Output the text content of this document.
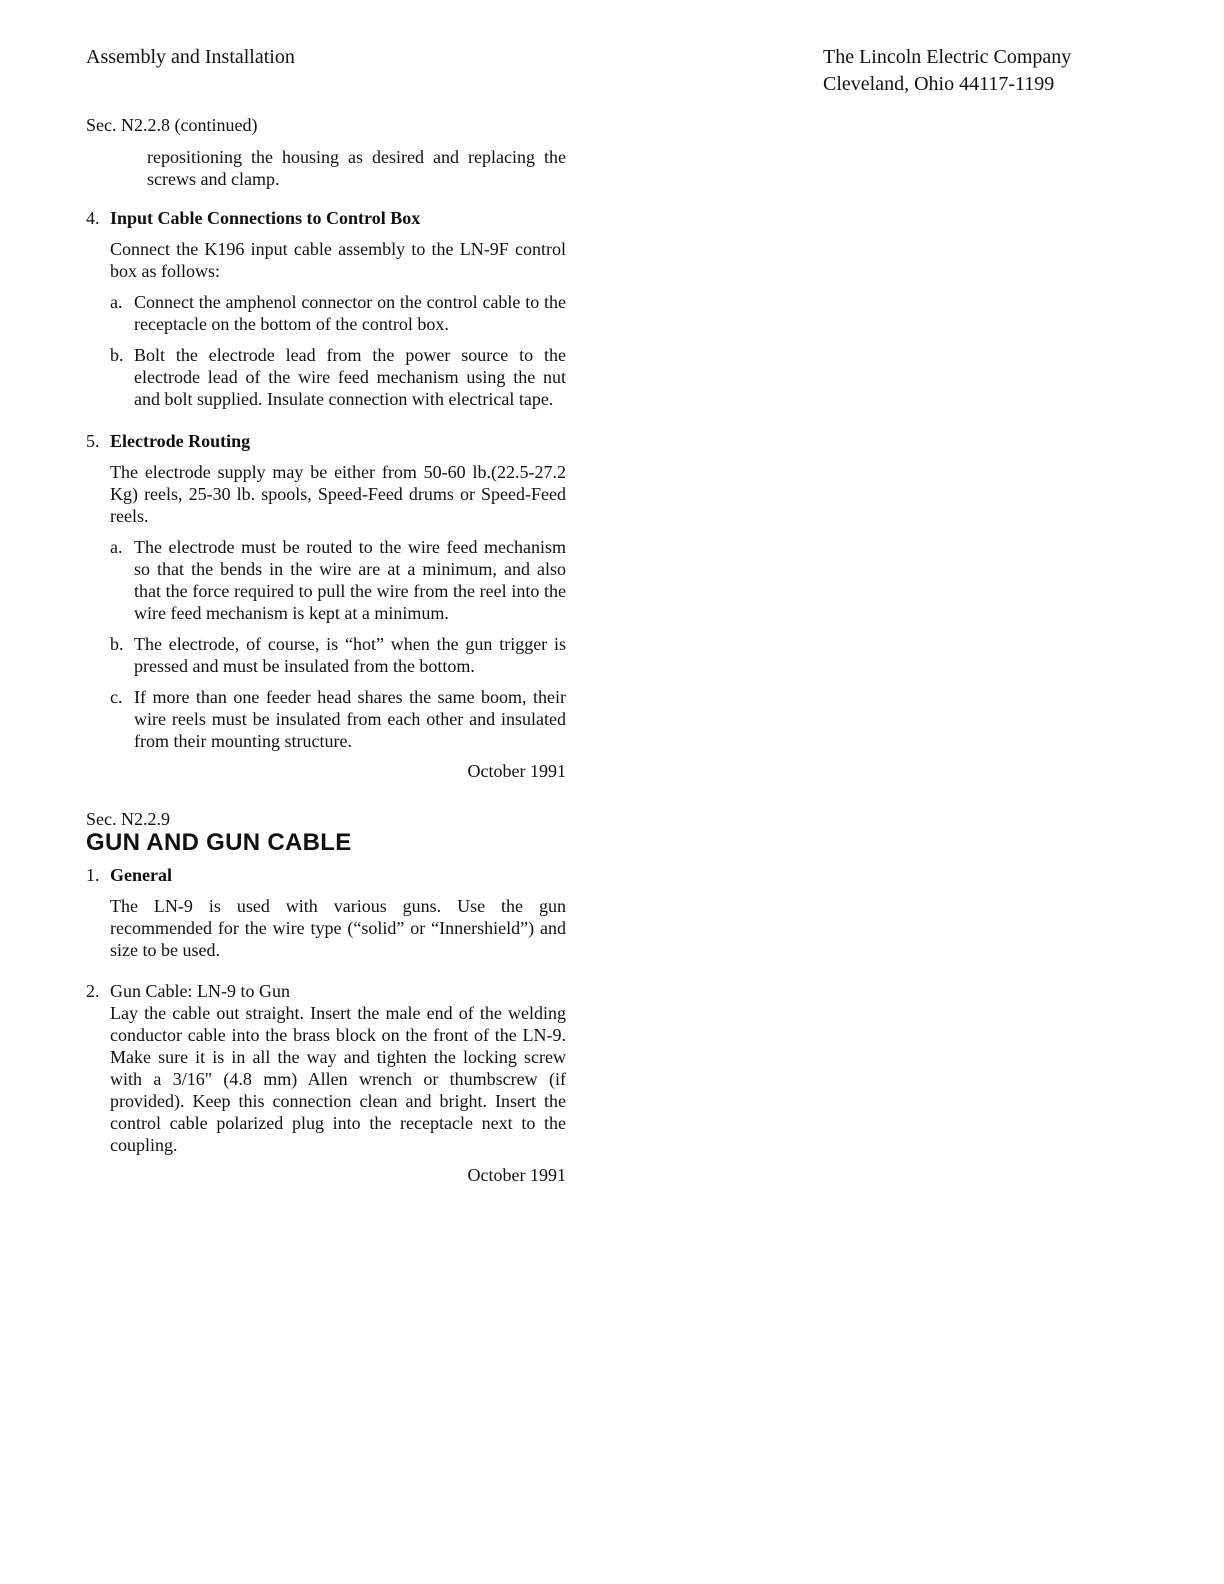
Assembly and Installation	The Lincoln Electric Company
Cleveland, Ohio 44117-1199
Sec. N2.2.8 (continued)

repositioning the housing as desired and replacing the screws and clamp.

4. Input Cable Connections to Control Box

Connect the K196 input cable assembly to the LN-9F control box as follows:

a. Connect the amphenol connector on the control cable to the receptacle on the bottom of the control box.
b. Bolt the electrode lead from the power source to the electrode lead of the wire feed mechanism using the nut and bolt supplied. Insulate connection with electrical tape.
5. Electrode Routing

The electrode supply may be either from 50-60 lb.(22.5-27.2 Kg) reels, 25-30 lb. spools, Speed-Feed drums or Speed-Feed reels.

a. The electrode must be routed to the wire feed mechanism so that the bends in the wire are at a minimum, and also that the force required to pull the wire from the reel into the wire feed mechanism is kept at a minimum.
b. The electrode, of course, is “hot” when the gun trigger is pressed and must be insulated from the bottom.
c. If more than one feeder head shares the same boom, their wire reels must be insulated from each other and insulated from their mounting structure.
October 1991
Sec. N2.2.9
GUN AND GUN CABLE
1. General

The LN-9 is used with various guns. Use the gun recommended for the wire type (“solid” or “Innershield”) and size to be used.

2. Gun Cable: LN-9 to Gun

Lay the cable out straight. Insert the male end of the welding conductor cable into the brass block on the front of the LN-9. Make sure it is in all the way and tighten the locking screw with a 3/16" (4.8 mm) Allen wrench or thumbscrew (if provided). Keep this connection clean and bright. Insert the control cable polarized plug into the receptacle next to the coupling.

October 1991
